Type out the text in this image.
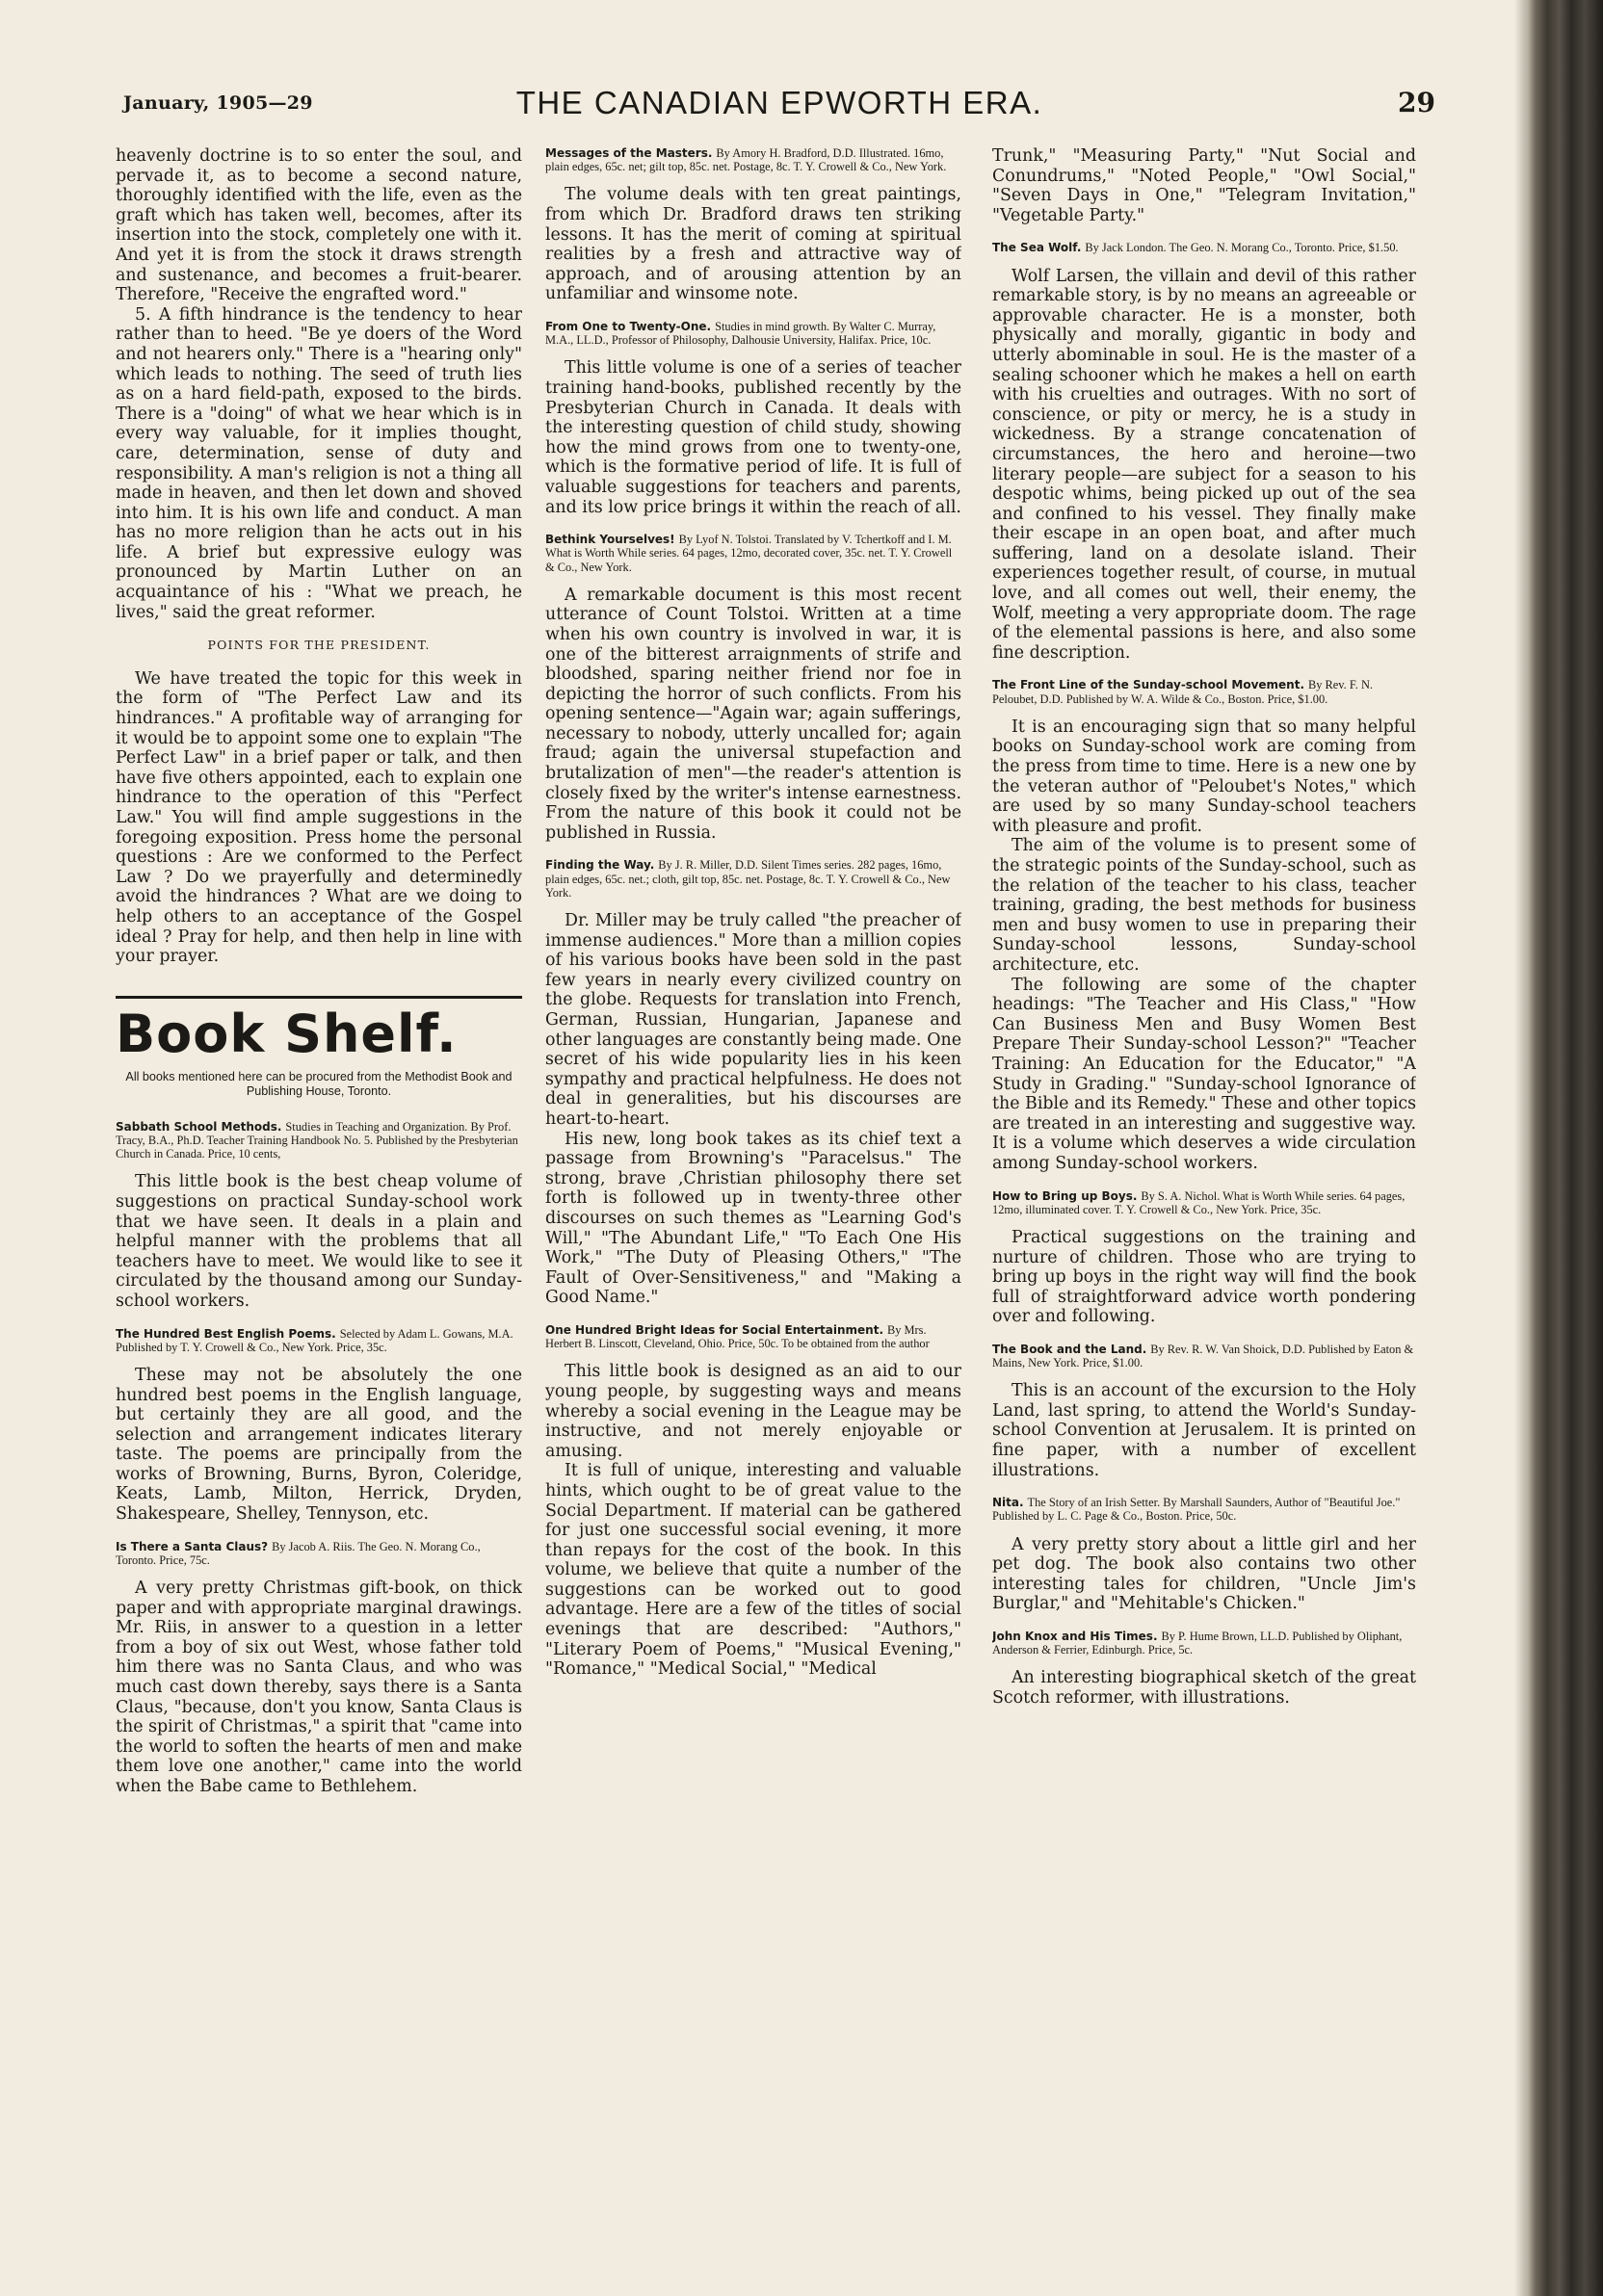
January, 1905—29	THE CANADIAN EPWORTH ERA.	29

heavenly doctrine is to so enter the soul, and pervade it, as to become a second nature, thoroughly identified with the life, even as the graft which has taken well, becomes, after its insertion into the stock, completely one with it. And yet it is from the stock it draws strength and sustenance, and becomes a fruit-bearer. Therefore, "Receive the engrafted word."

5. A fifth hindrance is the tendency to hear rather than to heed. "Be ye doers of the Word and not hearers only." There is a "hearing only" which leads to nothing. The seed of truth lies as on a hard field-path, exposed to the birds. There is a "doing" of what we hear which is in every way valuable, for it implies thought, care, determination, sense of duty and responsibility. A man's religion is not a thing all made in heaven, and then let down and shoved into him. It is his own life and conduct. A man has no more religion than he acts out in his life. A brief but expressive eulogy was pronounced by Martin Luther on an acquaintance of his : "What we preach, he lives," said the great reformer.

POINTS FOR THE PRESIDENT.

We have treated the topic for this week in the form of "The Perfect Law and its hindrances." A profitable way of arranging for it would be to appoint some one to explain "The Perfect Law" in a brief paper or talk, and then have five others appointed, each to explain one hindrance to the operation of this "Perfect Law." You will find ample suggestions in the foregoing exposition. Press home the personal questions : Are we conformed to the Perfect Law ? Do we prayerfully and determinedly avoid the hindrances ? What are we doing to help others to an acceptance of the Gospel ideal ? Pray for help, and then help in line with your prayer.

Book Shelf.
All books mentioned here can be procured from the Methodist Book and Publishing House, Toronto.
Sabbath School Methods. Studies in Teaching and Organization. By Prof. Tracy, B.A., Ph.D. Teacher Training Handbook No. 5. Published by the Presbyterian Church in Canada. Price, 10 cents,

This little book is the best cheap volume of suggestions on practical Sunday-school work that we have seen. It deals in a plain and helpful manner with the problems that all teachers have to meet. We would like to see it circulated by the thousand among our Sunday-school workers.

The Hundred Best English Poems. Selected by Adam L. Gowans, M.A. Published by T. Y. Crowell & Co., New York. Price, 35c.

These may not be absolutely the one hundred best poems in the English language, but certainly they are all good, and the selection and arrangement indicates literary taste. The poems are principally from the works of Browning, Burns, Byron, Coleridge, Keats, Lamb, Milton, Herrick, Dryden, Shakespeare, Shelley, Tennyson, etc.

Is There a Santa Claus? By Jacob A. Riis. The Geo. N. Morang Co., Toronto. Price, 75c.

A very pretty Christmas gift-book, on thick paper and with appropriate marginal drawings. Mr. Riis, in answer to a question in a letter from a boy of six out West, whose father told him there was no Santa Claus, and who was much cast down thereby, says there is a Santa Claus, "because, don't you know, Santa Claus is the spirit of Christmas," a spirit that "came into the world to soften the hearts of men and make them love one another," came into the world when the Babe came to Bethlehem.

Messages of the Masters. By Amory H. Bradford, D.D. Illustrated. 16mo, plain edges, 65c. net; gilt top, 85c. net. Postage, 8c. T. Y. Crowell & Co., New York.

The volume deals with ten great paintings, from which Dr. Bradford draws ten striking lessons. It has the merit of coming at spiritual realities by a fresh and attractive way of approach, and of arousing attention by an unfamiliar and winsome note.

From One to Twenty-One. Studies in mind growth. By Walter C. Murray, M.A., LL.D., Professor of Philosophy, Dalhousie University, Halifax. Price, 10c.

This little volume is one of a series of teacher training hand-books, published recently by the Presbyterian Church in Canada. It deals with the interesting question of child study, showing how the mind grows from one to twenty-one, which is the formative period of life. It is full of valuable suggestions for teachers and parents, and its low price brings it within the reach of all.

Bethink Yourselves! By Lyof N. Tolstoi. Translated by V. Tchertkoff and I. M. What is Worth While series. 64 pages, 12mo, decorated cover, 35c. net. T. Y. Crowell & Co., New York.

A remarkable document is this most recent utterance of Count Tolstoi. Written at a time when his own country is involved in war, it is one of the bitterest arraignments of strife and bloodshed, sparing neither friend nor foe in depicting the horror of such conflicts. From his opening sentence—"Again war; again sufferings, necessary to nobody, utterly uncalled for; again fraud; again the universal stupefaction and brutalization of men"—the reader's attention is closely fixed by the writer's intense earnestness. From the nature of this book it could not be published in Russia.

Finding the Way. By J. R. Miller, D.D. Silent Times series. 282 pages, 16mo, plain edges, 65c. net.; cloth, gilt top, 85c. net. Postage, 8c. T. Y. Crowell & Co., New York.

Dr. Miller may be truly called "the preacher of immense audiences." More than a million copies of his various books have been sold in the past few years in nearly every civilized country on the globe. Requests for translation into French, German, Russian, Hungarian, Japanese and other languages are constantly being made. One secret of his wide popularity lies in his keen sympathy and practical helpfulness. He does not deal in generalities, but his discourses are heart-to-heart.

His new, long book takes as its chief text a passage from Browning's "Paracelsus." The strong, brave ,Christian philosophy there set forth is followed up in twenty-three other discourses on such themes as "Learning God's Will," "The Abundant Life," "To Each One His Work," "The Duty of Pleasing Others," "The Fault of Over-Sensitiveness," and "Making a Good Name."

One Hundred Bright Ideas for Social Entertainment. By Mrs. Herbert B. Linscott, Cleveland, Ohio. Price, 50c. To be obtained from the author

This little book is designed as an aid to our young people, by suggesting ways and means whereby a social evening in the League may be instructive, and not merely enjoyable or amusing.

It is full of unique, interesting and valuable hints, which ought to be of great value to the Social Department. If material can be gathered for just one successful social evening, it more than repays for the cost of the book. In this volume, we believe that quite a number of the suggestions can be worked out to good advantage. Here are a few of the titles of social evenings that are described: "Authors," "Literary Poem of Poems," "Musical Evening," "Romance," "Medical Social," "Medical

Trunk," "Measuring Party," "Nut Social and Conundrums," "Noted People," "Owl Social," "Seven Days in One," "Telegram Invitation," "Vegetable Party."

The Sea Wolf. By Jack London. The Geo. N. Morang Co., Toronto. Price, $1.50.

Wolf Larsen, the villain and devil of this rather remarkable story, is by no means an agreeable or approvable character. He is a monster, both physically and morally, gigantic in body and utterly abominable in soul. He is the master of a sealing schooner which he makes a hell on earth with his cruelties and outrages. With no sort of conscience, or pity or mercy, he is a study in wickedness. By a strange concatenation of circumstances, the hero and heroine—two literary people—are subject for a season to his despotic whims, being picked up out of the sea and confined to his vessel. They finally make their escape in an open boat, and after much suffering, land on a desolate island. Their experiences together result, of course, in mutual love, and all comes out well, their enemy, the Wolf, meeting a very appropriate doom. The rage of the elemental passions is here, and also some fine description.

The Front Line of the Sunday-school Movement. By Rev. F. N. Peloubet, D.D. Published by W. A. Wilde & Co., Boston. Price, $1.00.

It is an encouraging sign that so many helpful books on Sunday-school work are coming from the press from time to time. Here is a new one by the veteran author of "Peloubet's Notes," which are used by so many Sunday-school teachers with pleasure and profit.

The aim of the volume is to present some of the strategic points of the Sunday-school, such as the relation of the teacher to his class, teacher training, grading, the best methods for business men and busy women to use in preparing their Sunday-school lessons, Sunday-school architecture, etc.

The following are some of the chapter headings: "The Teacher and His Class," "How Can Business Men and Busy Women Best Prepare Their Sunday-school Lesson?" "Teacher Training: An Education for the Educator," "A Study in Grading." "Sunday-school Ignorance of the Bible and its Remedy." These and other topics are treated in an interesting and suggestive way. It is a volume which deserves a wide circulation among Sunday-school workers.

How to Bring up Boys. By S. A. Nichol. What is Worth While series. 64 pages, 12mo, illuminated cover. T. Y. Crowell & Co., New York. Price, 35c.

Practical suggestions on the training and nurture of children. Those who are trying to bring up boys in the right way will find the book full of straightforward advice worth pondering over and following.

The Book and the Land. By Rev. R. W. Van Shoick, D.D. Published by Eaton & Mains, New York. Price, $1.00.

This is an account of the excursion to the Holy Land, last spring, to attend the World's Sunday-school Convention at Jerusalem. It is printed on fine paper, with a number of excellent illustrations.

Nita. The Story of an Irish Setter. By Marshall Saunders, Author of "Beautiful Joe." Published by L. C. Page & Co., Boston. Price, 50c.

A very pretty story about a little girl and her pet dog. The book also contains two other interesting tales for children, "Uncle Jim's Burglar," and "Mehitable's Chicken."

John Knox and His Times. By P. Hume Brown, LL.D. Published by Oliphant, Anderson & Ferrier, Edinburgh. Price, 5c.

An interesting biographical sketch of the great Scotch reformer, with illustrations.
